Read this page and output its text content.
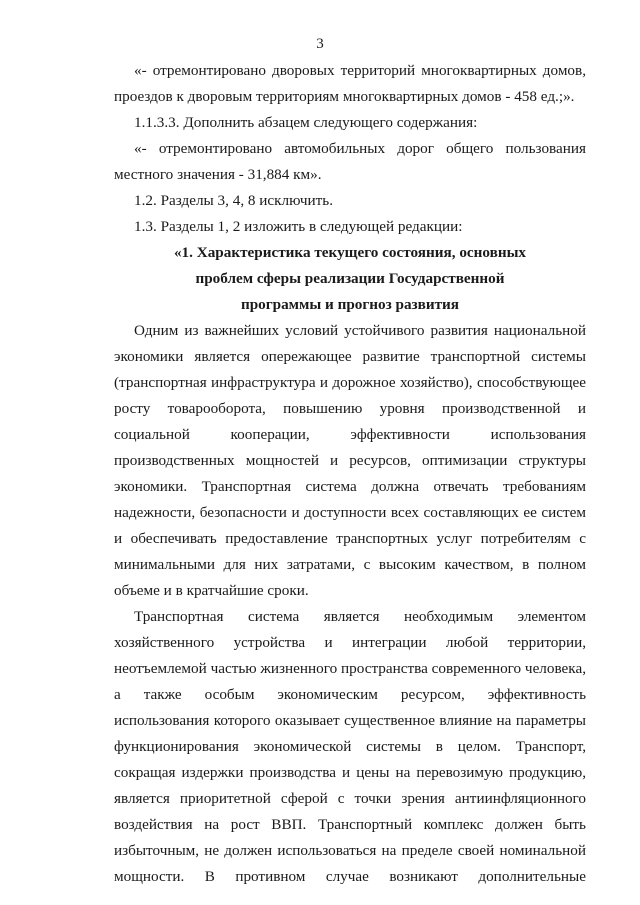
3

«- отремонтировано дворовых территорий многоквартирных домов, проездов к дворовым территориям многоквартирных домов - 458 ед.;».

1.1.3.3. Дополнить абзацем следующего содержания:

«- отремонтировано автомобильных дорог общего пользования местного значения - 31,884 км».

1.2. Разделы 3, 4, 8 исключить.

1.3. Разделы 1, 2 изложить в следующей редакции:

«1. Характеристика текущего состояния, основных
проблем сферы реализации Государственной
программы и прогноз развития

Одним из важнейших условий устойчивого развития национальной экономики является опережающее развитие транспортной системы (транспортная инфраструктура и дорожное хозяйство), способствующее росту товарооборота, повышению уровня производственной и социальной кооперации, эффективности использования производственных мощностей и ресурсов, оптимизации структуры экономики. Транспортная система должна отвечать требованиям надежности, безопасности и доступности всех составляющих ее систем и обеспечивать предоставление транспортных услуг потребителям с минимальными для них затратами, с высоким качеством, в полном объеме и в кратчайшие сроки.

Транспортная система является необходимым элементом хозяйственного устройства и интеграции любой территории, неотъемлемой частью жизненного пространства современного человека, а также особым экономическим ресурсом, эффективность использования которого оказывает существенное влияние на параметры функционирования экономической системы в целом. Транспорт, сокращая издержки производства и цены на перевозимую продукцию, является приоритетной сферой с точки зрения антиинфляционного воздействия на рост ВВП. Транспортный комплекс должен быть избыточным, не должен использоваться на пределе своей номинальной мощности. В противном случае возникают дополнительные
